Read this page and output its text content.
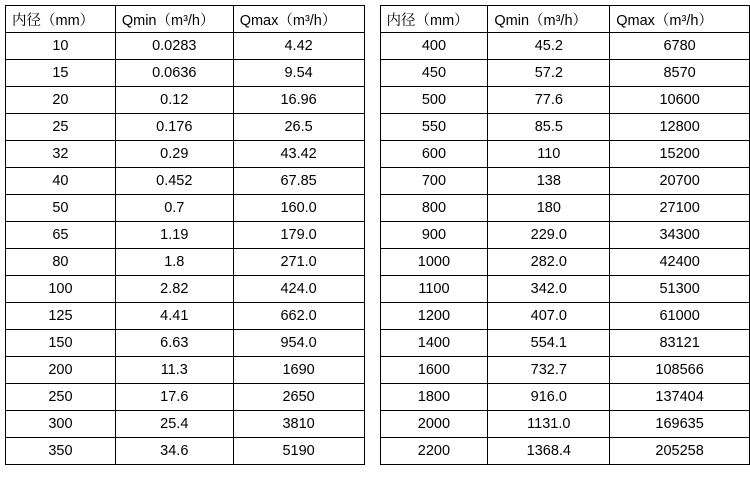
内径（mm）	Qmin（m³/h）	Qmax（m³/h）
10	0.0283	4.42
15	0.0636	9.54
20	0.12	16.96
25	0.176	26.5
32	0.29	43.42
40	0.452	67.85
50	0.7	160.0
65	1.19	179.0
80	1.8	271.0
100	2.82	424.0
125	4.41	662.0
150	6.63	954.0
200	11.3	1690
250	17.6	2650
300	25.4	3810
350	34.6	5190
内径（mm）	Qmin（m³/h）	Qmax（m³/h）
400	45.2	6780
450	57.2	8570
500	77.6	10600
550	85.5	12800
600	110	15200
700	138	20700
800	180	27100
900	229.0	34300
1000	282.0	42400
1100	342.0	51300
1200	407.0	61000
1400	554.1	83121
1600	732.7	108566
1800	916.0	137404
2000	1131.0	169635
2200	1368.4	205258
